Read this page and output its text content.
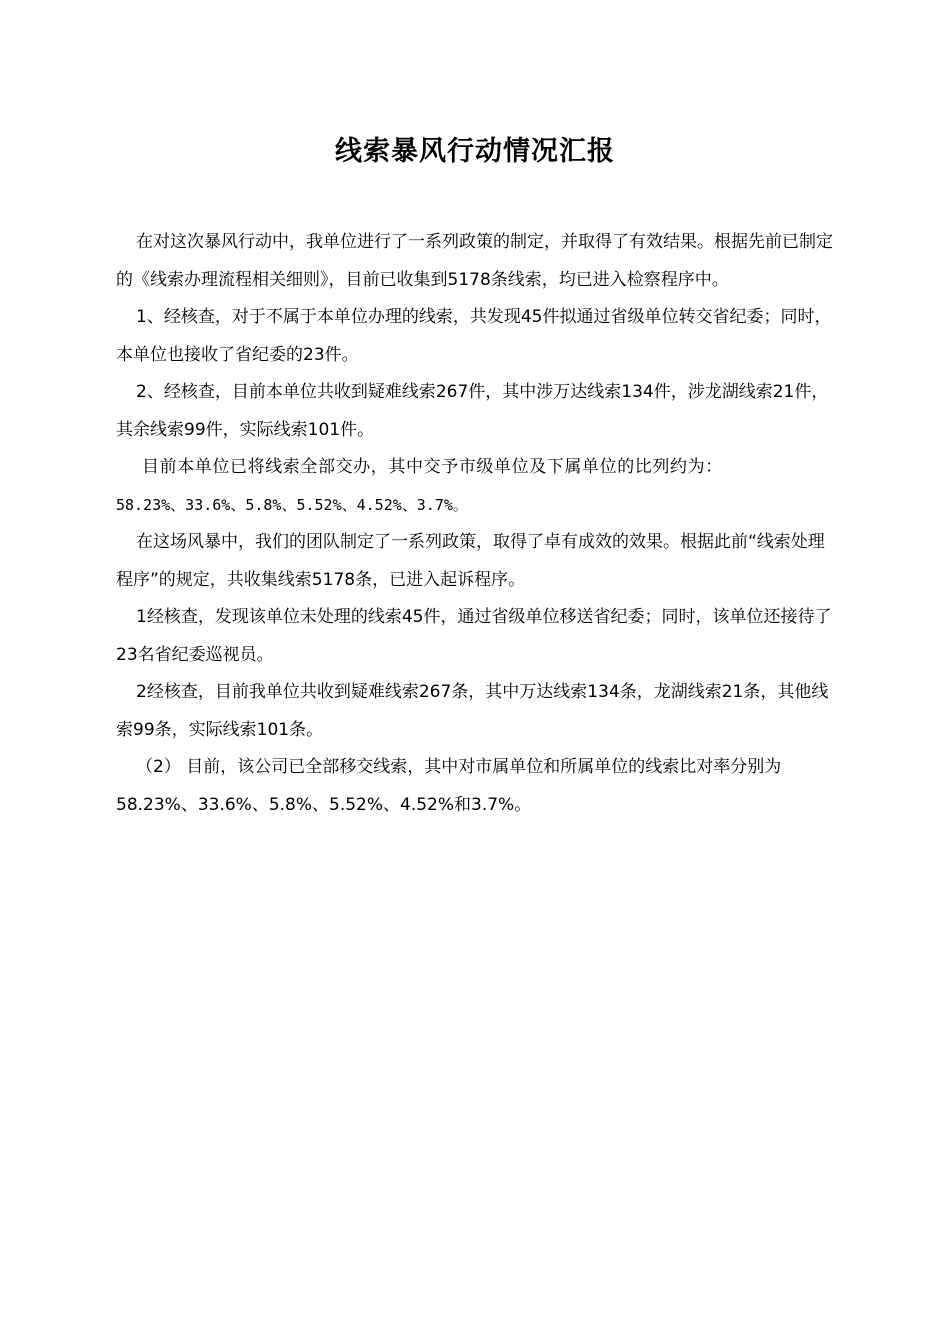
线索暴风行动情况汇报

在对这次暴风行动中，我单位进行了一系列政策的制定，并取得了有效结果。根据先前已制定的《线索办理流程相关细则》，目前已收集到5178条线索，均已进入检察程序中。

1、经核查，对于不属于本单位办理的线索，共发现45件拟通过省级单位转交省纪委；同时，本单位也接收了省纪委的23件。

2、经核查，目前本单位共收到疑难线索267件，其中涉万达线索134件，涉龙湖线索21件，其余线索99件，实际线索101件。

目前本单位已将线索全部交办，其中交予市级单位及下属单位的比列约为：

58.23%、33.6%、5.8%、5.52%、4.52%、3.7%。

在这场风暴中，我们的团队制定了一系列政策，取得了卓有成效的效果。根据此前“线索处理程序”的规定，共收集线索5178条，已进入起诉程序。

1经核查，发现该单位未处理的线索45件，通过省级单位移送省纪委；同时，该单位还接待了23名省纪委巡视员。

2经核查，目前我单位共收到疑难线索267条，其中万达线索134条，龙湖线索21条，其他线索99条，实际线索101条。

（2） 目前，该公司已全部移交线索，其中对市属单位和所属单位的线索比对率分别为58.23%、33.6%、5.8%、5.52%、4.52%和3.7%。
